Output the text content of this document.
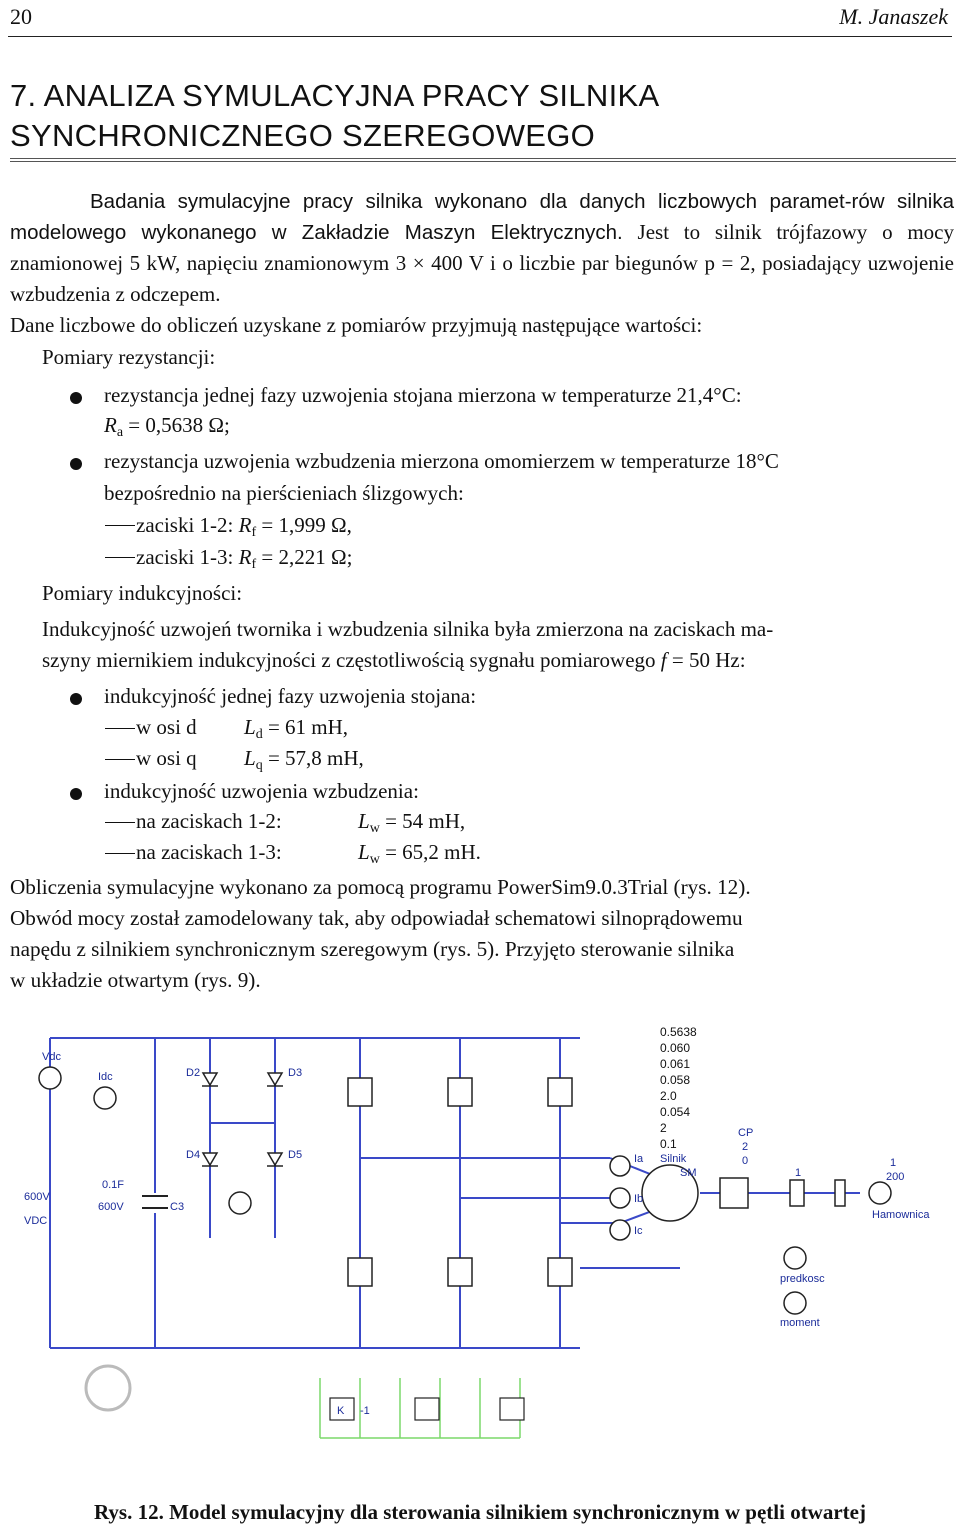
20	M. Janaszek
7. ANALIZA SYMULACYJNA PRACY SILNIKA
SYNCHRONICZNEGO SZEREGOWEGO
Badania symulacyjne pracy silnika wykonano dla danych liczbowych paramet-rów silnika modelowego wykonanego w Zakładzie Maszyn Elektrycznych. Jest to silnik trójfazowy o mocy znamionowej 5 kW, napięciu znamionowym 3 × 400 V i o liczbie par biegunów p = 2, posiadający uzwojenie wzbudzenia z odczepem.
Dane liczbowe do obliczeń uzyskane z pomiarów przyjmują następujące wartości:
Pomiary rezystancji:
rezystancja jednej fazy uzwojenia stojana mierzona w temperaturze 21,4°C:
$R_a = 0,5638$ Ω;
rezystancja uzwojenia wzbudzenia mierzona omomierzem w temperaturze 18°C
bezpośrednio na pierścieniach ślizgowych:
zaciski 1-2: $R_f = 1,999$ Ω,
zaciski 1-3: $R_f = 2,221$ Ω;
Pomiary indukcyjności:
Indukcyjność uzwojeń twornika i wzbudzenia silnika była zmierzona na zaciskach ma-
szyny miernikiem indukcyjności z częstotliwością sygnału pomiarowego f = 50 Hz:
indukcyjność jednej fazy uzwojenia stojana:
w osi d $L_d = 61$ mH,
w osi q $L_q = 57,8$ mH,
indukcyjność uzwojenia wzbudzenia:
na zaciskach 1-2:	$L_w = 54$ mH,
na zaciskach 1-3:	$L_w = 65,2$ mH.
Obliczenia symulacyjne wykonano za pomocą programu PowerSim9.0.3Trial (rys. 12).
Obwód mocy został zamodelowany tak, aby odpowiadał schematowi silnoprądowemu
napędu z silnikiem synchronicznym szeregowym (rys. 5). Przyjęto sterowanie silnika
w układzie otwartym (rys. 9).
0.5638
0.060
0.061
0.058
2.0
0.054
2
0.1
Vdc
Idc	D2	D3
D4	D5
0.1F
600V	C3
600V
VDC
Ia
Ib
Ic
Silnik
SM
CP
2
0
1
1
200
Hamownica
predkosc
moment
K -1
Rys. 12. Model symulacyjny dla sterowania silnikiem synchronicznym w pętli otwartej
